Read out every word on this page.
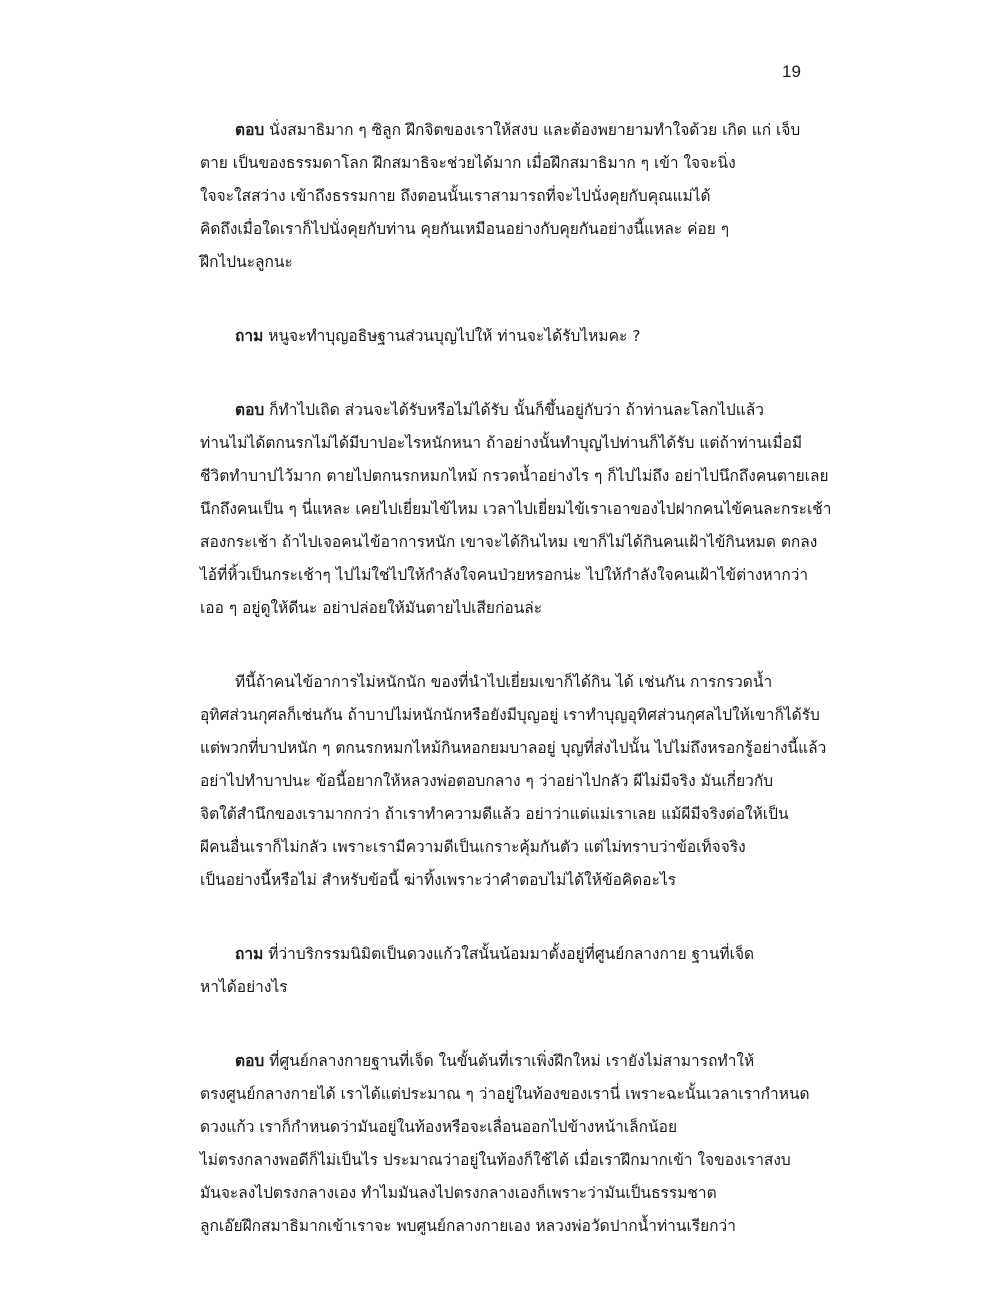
19
ตอบ นั่งสมาธิมาก ๆ ซิลูก ฝึกจิตของเราให้สงบ และต้องพยายามทำใจด้วย เกิด แก่ เจ็บ
ตาย เป็นของธรรมดาโลก ฝึกสมาธิจะช่วยได้มาก เมื่อฝึกสมาธิมาก ๆ เข้า ใจจะนิ่ง
ใจจะใสสว่าง เข้าถึงธรรมกาย ถึงตอนนั้นเราสามารถที่จะไปนั่งคุยกับคุณแม่ได้
คิดถึงเมื่อใดเราก็ไปนั่งคุยกับท่าน คุยกันเหมือนอย่างกับคุยกันอย่างนี้แหละ ค่อย ๆ
ฝึกไปนะลูกนะ
ถาม หนูจะทำบุญอธิษฐานส่วนบุญไปให้ ท่านจะได้รับไหมคะ ?
ตอบ ก็ทำไปเถิด ส่วนจะได้รับหรือไม่ได้รับ นั้นก็ขึ้นอยู่กับว่า ถ้าท่านละโลกไปแล้ว
ท่านไม่ได้ตกนรกไม่ได้มีบาปอะไรหนักหนา ถ้าอย่างนั้นทำบุญไปท่านก็ได้รับ แต่ถ้าท่านเมื่อมี
ชีวิตทำบาปไว้มาก ตายไปตกนรกหมกไหม้ กรวดน้ำอย่างไร ๆ ก็ไปไม่ถึง อย่าไปนึกถึงคนตายเลย
นึกถึงคนเป็น ๆ นี่แหละ เคยไปเยี่ยมไข้ไหม เวลาไปเยี่ยมไข้เราเอาของไปฝากคนไข้คนละกระเช้า
สองกระเช้า ถ้าไปเจอคนไข้อาการหนัก เขาจะได้กินไหม เขาก็ไม่ได้กินคนเฝ้าไข้กินหมด ตกลง
ไอ้ที่หิ้วเป็นกระเช้าๆ ไปไม่ใช่ไปให้กำลังใจคนป่วยหรอกน่ะ ไปให้กำลังใจคนเฝ้าไข้ต่างหากว่า
เออ ๆ อยู่ดูให้ดีนะ อย่าปล่อยให้มันตายไปเสียก่อนล่ะ
ทีนี้ถ้าคนไข้อาการไม่หนักนัก ของที่นำไปเยี่ยมเขาก็ได้กิน ได้ เช่นกัน การกรวดน้ำ
อุทิศส่วนกุศลก็เช่นกัน ถ้าบาปไม่หนักนักหรือยังมีบุญอยู่ เราทำบุญอุทิศส่วนกุศลไปให้เขาก็ได้รับ
แต่พวกที่บาปหนัก ๆ ตกนรกหมกไหม้กินหอกยมบาลอยู่ บุญที่ส่งไปนั้น ไปไม่ถึงหรอกรู้อย่างนี้แล้ว
อย่าไปทำบาปนะ ข้อนี้อยากให้หลวงพ่อตอบกลาง ๆ ว่าอย่าไปกลัว ผีไม่มีจริง มันเกี่ยวกับ
จิตใต้สำนึกของเรามากกว่า ถ้าเราทำความดีแล้ว อย่าว่าแต่แม่เราเลย แม้ผีมีจริงต่อให้เป็น
ผีคนอื่นเราก็ไม่กลัว เพราะเรามีความดีเป็นเกราะคุ้มกันตัว แต่ไม่ทราบว่าข้อเท็จจริง
เป็นอย่างนี้หรือไม่ สำหรับข้อนี้ ฆ่าทิ้งเพราะว่าคำตอบไม่ได้ให้ข้อคิดอะไร
ถาม ที่ว่าบริกรรมนิมิตเป็นดวงแก้วใสนั้นน้อมมาตั้งอยู่ที่ศูนย์กลางกาย ฐานที่เจ็ด
หาได้อย่างไร
ตอบ ที่ศูนย์กลางกายฐานที่เจ็ด ในขั้นต้นที่เราเพิ่งฝึกใหม่ เรายังไม่สามารถทำให้
ตรงศูนย์กลางกายได้ เราได้แต่ประมาณ ๆ ว่าอยู่ในท้องของเรานี่ เพราะฉะนั้นเวลาเรากำหนด
ดวงแก้ว เราก็กำหนดว่ามันอยู่ในท้องหรือจะเลื่อนออกไปข้างหน้าเล็กน้อย
ไม่ตรงกลางพอดีก็ไม่เป็นไร ประมาณว่าอยู่ในท้องก็ใช้ได้ เมื่อเราฝึกมากเข้า ใจของเราสงบ
มันจะลงไปตรงกลางเอง ทำไมมันลงไปตรงกลางเองก็เพราะว่ามันเป็นธรรมชาต
ลูกเอ๊ยฝึกสมาธิมากเข้าเราจะ พบศูนย์กลางกายเอง หลวงพ่อวัดปากน้ำท่านเรียกว่า
